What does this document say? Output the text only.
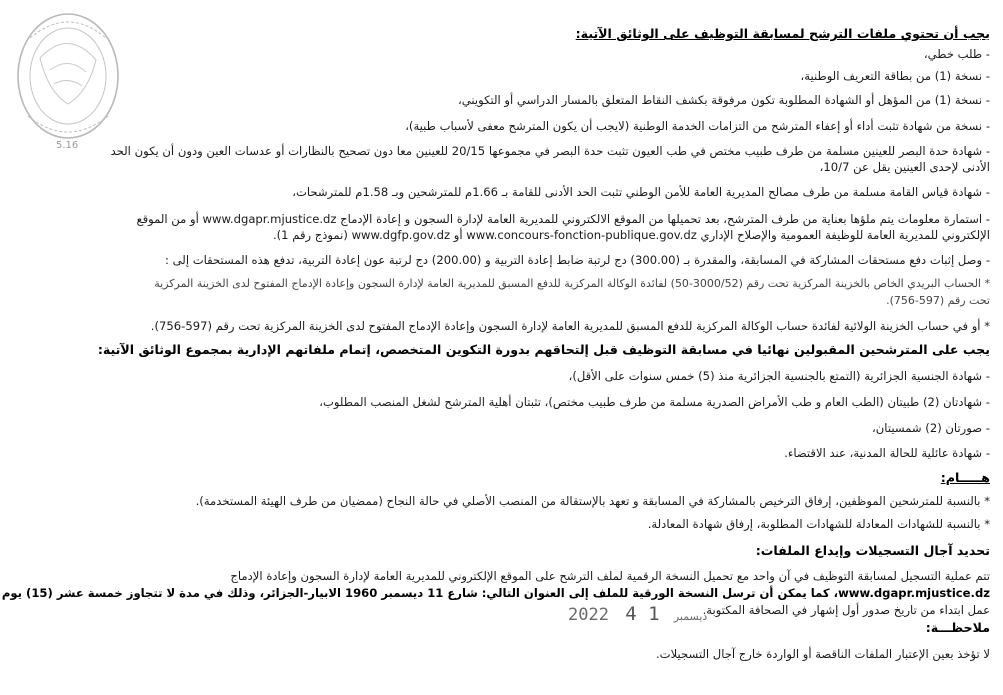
5.16
يجب أن تحتوي ملفات الترشح لمسابقة التوظيف على الوثائق الآتية:
- طلب خطي،
- نسخة (1) من بطاقة التعريف الوطنية،
- نسخة (1) من المؤهل أو الشهادة المطلوبة تكون مرفوقة بكشف النقاط المتعلق بالمسار الدراسي أو التكويني،
- نسخة من شهادة تثبت أداء أو إعفاء المترشح من التزامات الخدمة الوطنية (لايجب أن يكون المترشح معفى لأسباب طبية)،
- شهادة حدة البصر للعينين مسلمة من طرف طبيب مختص في طب العيون تثبت حدة البصر في مجموعها 20/15 للعينين معا دون تصحيح بالنظارات أو عدسات العين ودون أن يكون الحد
الأدنى لإحدى العينين يقل عن 10/7،
- شهادة قياس القامة مسلمة من طرف مصالح المديرية العامة للأمن الوطني تثبت الحد الأدنى للقامة بـ 1.66م للمترشحين وبـ 1.58م للمترشحات،
- استمارة معلومات يتم ملؤها بعناية من طرف المترشح، بعد تحميلها من الموقع الالكتروني للمديرية العامة لإدارة السجون و إعادة الإدماج www.dgapr.mjustice.dz أو من الموقع
الإلكتروني للمديرية العامة للوظيفة العمومية والإصلاح الإداري www.concours-fonction-publique.gov.dz أو www.dgfp.gov.dz (نموذج رقم 1).
- وصل إثبات دفع مستحقات المشاركة في المسابقة، والمقدرة بـ (300.00) دج لرتبة ضابط إعادة التربية و (200.00) دج لرتبة عون إعادة التربية، تدفع هذه المستحقات إلى :
* الحساب البريدي الخاص بالخزينة المركزية تحت رقم (3000/52-50) لفائدة الوكالة المركزية للدفع المسبق للمديرية العامة لإدارة السجون وإعادة الإدماج المفتوح لدى الخزينة المركزية
تحت رقم (597-756).
* أو في حساب الخزينة الولائية لفائدة حساب الوكالة المركزية للدفع المسبق للمديرية العامة لإدارة السجون وإعادة الإدماج المفتوح لدى الخزينة المركزية تحت رقم (597-756).
يجب على المترشحين المقبولين نهائيا في مسابقة التوظيف قبل إلتحاقهم بدورة التكوين المتخصص، إتمام ملفاتهم الإدارية بمجموع الوثائق الآتية:
- شهادة الجنسية الجزائرية (التمتع بالجنسية الجزائرية منذ (5) خمس سنوات على الأقل)،
- شهادتان (2) طبيتان (الطب العام و طب الأمراض الصدرية مسلمة من طرف طبيب مختص)، تثبتان أهلية المترشح لشغل المنصب المطلوب،
- صورتان (2) شمسيتان،
- شهادة عائلية للحالة المدنية، عند الاقتضاء.
هـــــام:
* بالنسبة للمترشحين الموظفين، إرفاق الترخيص بالمشاركة في المسابقة و تعهد بالإستقالة من المنصب الأصلي في حالة النجاح (ممضيان من طرف الهيئة المستخدمة).
* بالنسبة للشهادات المعادلة للشهادات المطلوبة، إرفاق شهادة المعادلة.
تحديد آجال التسجيلات وإيداع الملفات:
تتم عملية التسجيل لمسابقة التوظيف في آن واحد مع تحميل النسخة الرقمية لملف الترشح على الموقع الإلكتروني للمديرية العامة لإدارة السجون وإعادة الإدماج
www.dgapr.mjustice.dz، كما يمكن أن ترسل النسخة الورقية للملف إلى العنوان التالي: شارع 11 ديسمبر 1960 الابيار-الجزائر، وذلك في مدة لا تتجاوز خمسة عشر (15) يوم
عمل ابتداء من تاريخ صدور أول إشهار في الصحافة المكتوبة.
ملاحظـــة:
لا تؤخذ بعين الإعتبار الملفات الناقصة أو الواردة خارج آجال التسجيلات.
2022	ديسمبر 1 4
